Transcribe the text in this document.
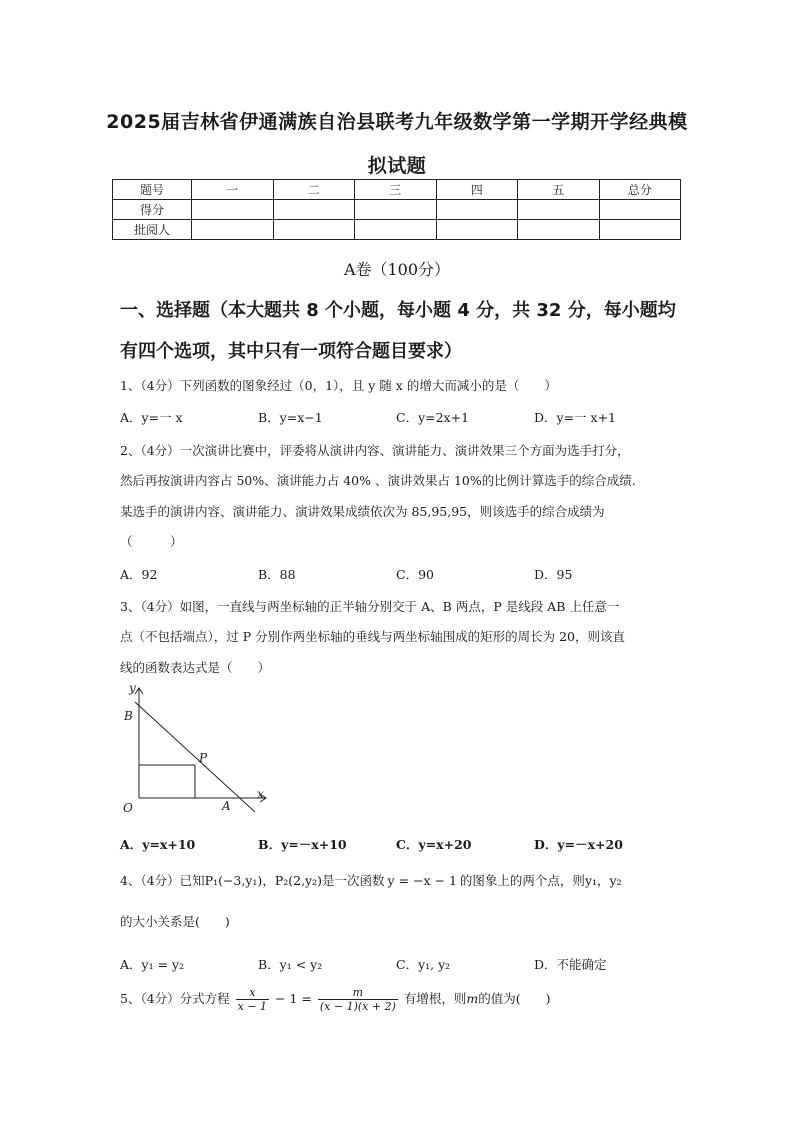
2025届吉林省伊通满族自治县联考九年级数学第一学期开学经典模
拟试题
题号	一	二	三	四	五	总分
得分						
批阅人						
A卷（100分）
一、选择题（本大题共 8 个小题，每小题 4 分，共 32 分，每小题均
有四个选项，其中只有一项符合题目要求）
1、（4分）下列函数的图象经过（0，1），且 y 随 x 的增大而减小的是（　　）
A．y=一 x	B．y=x−1	C．y=2x+1	D．y=一 x+1
2、（4分）一次演讲比赛中，评委将从演讲内容、演讲能力、演讲效果三个方面为选手打分，
然后再按演讲内容占 50%、演讲能力占 40% 、演讲效果占 10%的比例计算选手的综合成绩.
某选手的演讲内容、演讲能力、演讲效果成绩依次为 85,95,95，则该选手的综合成绩为
（　　　）
A．92	B．88	C．90	D．95
3、（4分）如图，一直线与两坐标轴的正半轴分别交于 A、B 两点，P 是线段 AB 上任意一
点（不包括端点），过 P 分别作两坐标轴的垂线与两坐标轴围成的矩形的周长为 20，则该直
线的函数表达式是（　　）
y
x
B
P
O	A
A．y=x+10	B．y=－x+10	C．y=x+20	D．y=－x+20
4、（4分）已知P₁(−3,y₁)，P₂(2,y₂)是一次函数 y = −x − 1 的图象上的两个点，则y₁，y₂
的大小关系是(　　)
A．y₁ = y₂	B．y₁ < y₂	C．y₁, y₂	D．不能确定
5、（4分）分式方程 $\frac{x}{x - 1} - 1 = \frac{m}{(x - 1)(x + 2)}$ 有增根，则m的值为(　　)
